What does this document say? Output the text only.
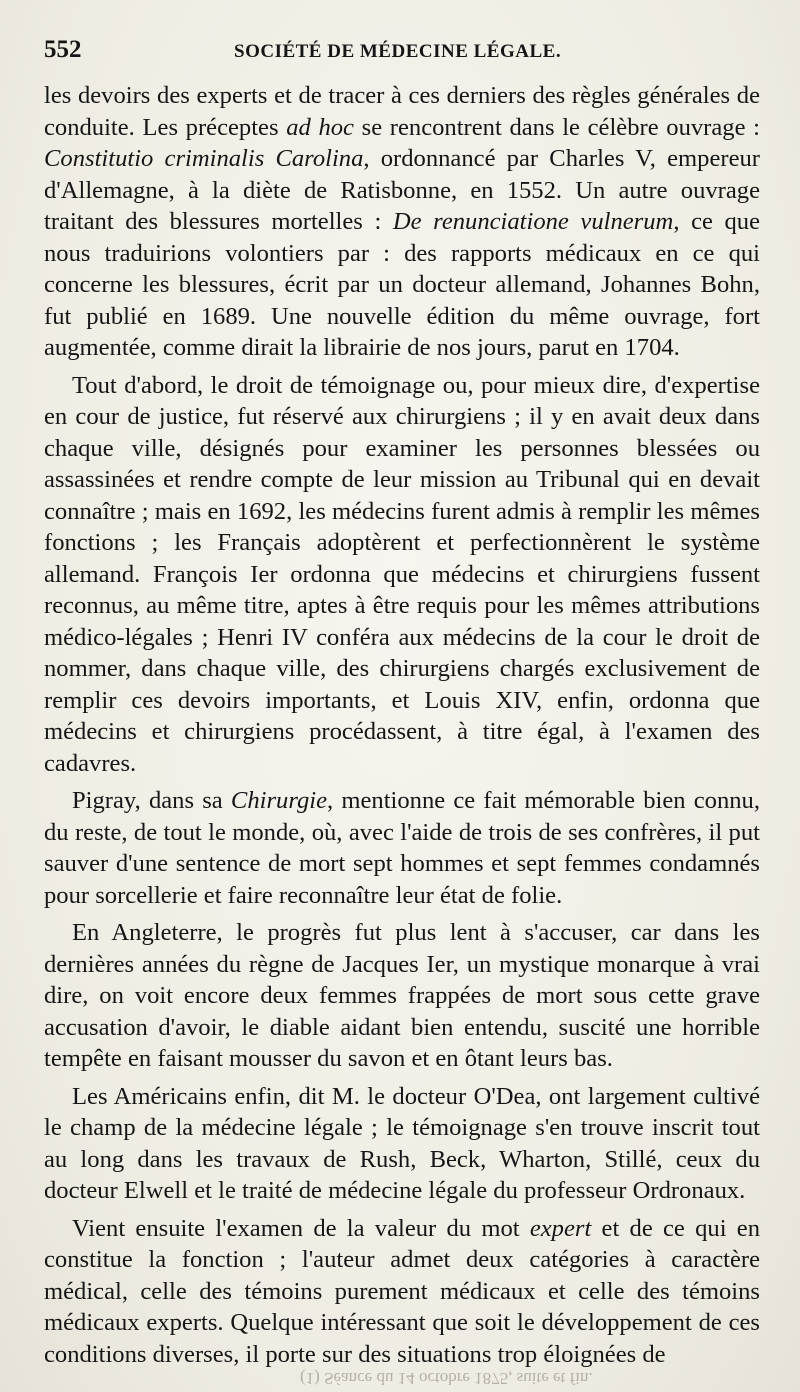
552	SOCIÉTÉ DE MÉDECINE LÉGALE.

les devoirs des experts et de tracer à ces derniers des règles générales de conduite. Les préceptes ad hoc se rencontrent dans le célèbre ouvrage : Constitutio criminalis Carolina, ordonnancé par Charles V, empereur d'Allemagne, à la diète de Ratisbonne, en 1552. Un autre ouvrage traitant des blessures mortelles : De renunciatione vulnerum, ce que nous traduirions volontiers par : des rapports médicaux en ce qui concerne les blessures, écrit par un docteur allemand, Johannes Bohn, fut publié en 1689. Une nouvelle édition du même ouvrage, fort augmentée, comme dirait la librairie de nos jours, parut en 1704.

Tout d'abord, le droit de témoignage ou, pour mieux dire, d'expertise en cour de justice, fut réservé aux chirurgiens ; il y en avait deux dans chaque ville, désignés pour examiner les personnes blessées ou assassinées et rendre compte de leur mission au Tribunal qui en devait connaître ; mais en 1692, les médecins furent admis à remplir les mêmes fonctions ; les Français adoptèrent et perfectionnèrent le système allemand. François Ier ordonna que médecins et chirurgiens fussent reconnus, au même titre, aptes à être requis pour les mêmes attributions médico-légales ; Henri IV conféra aux médecins de la cour le droit de nommer, dans chaque ville, des chirurgiens chargés exclusivement de remplir ces devoirs importants, et Louis XIV, enfin, ordonna que médecins et chirurgiens procédassent, à titre égal, à l'examen des cadavres.

Pigray, dans sa Chirurgie, mentionne ce fait mémorable bien connu, du reste, de tout le monde, où, avec l'aide de trois de ses confrères, il put sauver d'une sentence de mort sept hommes et sept femmes condamnés pour sorcellerie et faire reconnaître leur état de folie.

En Angleterre, le progrès fut plus lent à s'accuser, car dans les dernières années du règne de Jacques Ier, un mystique monarque à vrai dire, on voit encore deux femmes frappées de mort sous cette grave accusation d'avoir, le diable aidant bien entendu, suscité une horrible tempête en faisant mousser du savon et en ôtant leurs bas.

Les Américains enfin, dit M. le docteur O'Dea, ont largement cultivé le champ de la médecine légale ; le témoignage s'en trouve inscrit tout au long dans les travaux de Rush, Beck, Wharton, Stillé, ceux du docteur Elwell et le traité de médecine légale du professeur Ordronaux.

Vient ensuite l'examen de la valeur du mot expert et de ce qui en constitue la fonction ; l'auteur admet deux catégories à caractère médical, celle des témoins purement médicaux et celle des témoins médicaux experts. Quelque intéressant que soit le développement de ces conditions diverses, il porte sur des situations trop éloignées de

(1) Séance du 14 octobre 1875, suite et fin.
